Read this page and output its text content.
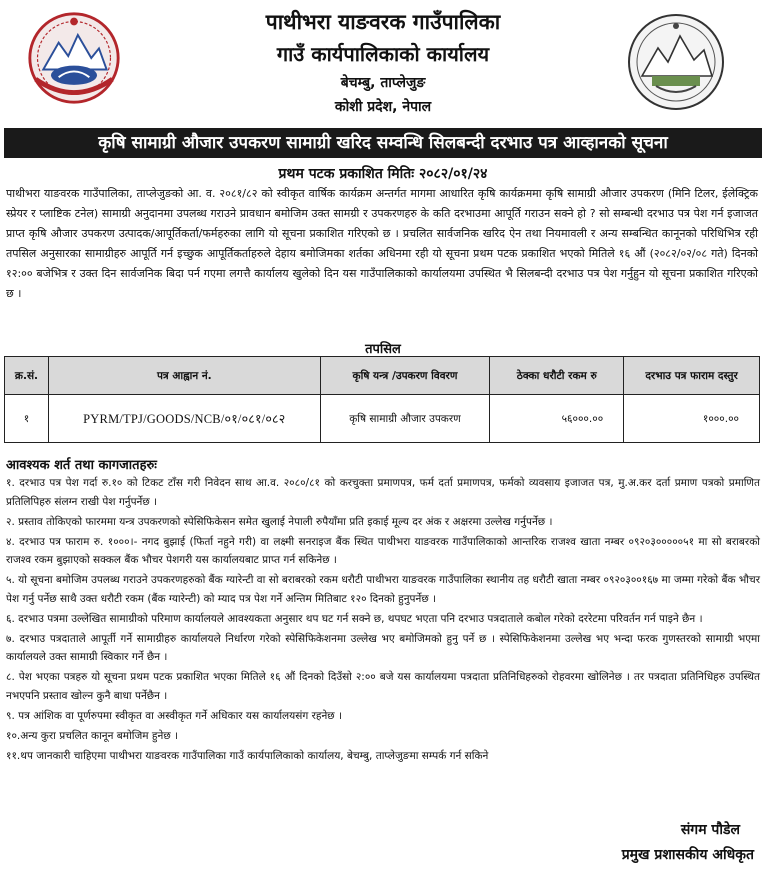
पाथीभरा याङवरक गाउँपालिका
गाउँ कार्यपालिकाको कार्यालय
बेचम्बु, ताप्लेजुङ
कोशी प्रदेश, नेपाल
कृषि सामाग्री औजार उपकरण सामाग्री खरिद सम्वन्धि सिलबन्दी दरभाउ पत्र आव्हानको सूचना
प्रथम पटक प्रकाशित मितिः २०८२/०१/२४

पाथीभरा याङवरक गाउँपालिका, ताप्लेजुङको आ. व. २०८१/८२ को स्वीकृत वार्षिक कार्यक्रम अन्तर्गत मागमा आधारित कृषि कार्यक्रममा कृषि सामाग्री औजार उपकरण (मिनि टिलर, ईलेक्ट्रिक स्प्रेयर र प्लाष्टिक टनेल) सामाग्री अनुदानमा उपलब्ध गराउने प्रावधान बमोजिम उक्त सामग्री र उपकरणहरु के कति दरभाउमा आपूर्ति गराउन सक्ने हो ? सो सम्बन्धी दरभाउ पत्र पेश गर्न इजाजत प्राप्त कृषि औजार उपकरण उत्पादक/आपूर्तिकर्ता/फर्महरुका लागि यो सूचना प्रकाशित गरिएको छ । प्रचलित सार्वजनिक खरिद ऐन तथा नियमावली र अन्य सम्बन्धित कानूनको परिधिभित्र रही तपसिल अनुसारका सामाग्रीहरु आपूर्ति गर्न इच्छुक आपूर्तिकर्ताहरुले देहाय बमोजिमका शर्तका अधिनमा रही यो सूचना प्रथम पटक प्रकाशित भएको मितिले १६ औं (२०८२/०२/०८ गते) दिनको १२:०० बजेभित्र र उक्त दिन सार्वजनिक बिदा पर्न गएमा लगत्तै कार्यालय खुलेको दिन यस गाउँपालिकाको कार्यालयमा उपस्थित भै सिलबन्दी दरभाउ पत्र पेश गर्नुहुन यो सूचना प्रकाशित गरिएको छ ।

तपसिल
क्र.सं.	पत्र आह्वान नं.	कृषि यन्त्र /उपकरण विवरण	ठेक्का धरौटी रकम रु	दरभाउ पत्र फाराम दस्तुर
१	PYRM/TPJ/GOODS/NCB/०१/०८१/०८२	कृषि सामाग्री औजार उपकरण	५६०००.००	१०००.००
आवश्यक शर्त तथा कागजातहरुः
१. दरभाउ पत्र पेश गर्दा रु.१० को टिकट टाँस गरी निवेदन साथ आ.व. २०८०/८१ को करचुक्ता प्रमाणपत्र, फर्म दर्ता प्रमाणपत्र, फर्मको व्यवसाय इजाजत पत्र, मु.अ.कर दर्ता प्रमाण पत्रको प्रमाणित प्रतिलिपिहरु संलग्न राखी पेश गर्नुपर्नेछ ।
२. प्रस्ताव तोकिएको फारममा यन्त्र उपकरणको स्पेसिफिकेसन समेत खुलाई नेपाली रुपैयाँमा प्रति इकाई मूल्य दर अंक र अक्षरमा उल्लेख गर्नुपर्नेछ ।
४. दरभाउ पत्र फाराम रु. १०००।- नगद बुझाई (फिर्ता नहुने गरी) वा लक्ष्मी सनराइज बैंक स्थित पाथीभरा याङवरक गाउँपालिकाको आन्तरिक राजश्व खाता नम्बर ०९२०३०००००५१ मा सो बराबरको राजश्व रकम बुझाएको सक्कल बैंक भौचर पेशगरी यस कार्यालयबाट प्राप्त गर्न सकिनेछ ।
५. यो सूचना बमोजिम उपलब्ध गराउने उपकरणहरुको बैंक ग्यारेन्टी वा सो बराबरको रकम धरौटी पाथीभरा याङवरक गाउँपालिका स्थानीय तह धरौटी खाता नम्बर ०९२०३००१६७ मा जम्मा गरेको बैंक भौचर पेश गर्नु पर्नेछ साथै उक्त धरौटी रकम (बैंक ग्यारेन्टी) को म्याद पत्र पेश गर्ने अन्तिम मितिबाट १२० दिनको हुनुपर्नेछ ।
६. दरभाउ पत्रमा उल्लेखित सामाग्रीको परिमाण कार्यालयले आवश्यकता अनुसार थप घट गर्न सक्ने छ, थपघट भएता पनि दरभाउ पत्रदाताले कबोल गरेको दररेटमा परिवर्तन गर्न पाइने छैन ।
७. दरभाउ पत्रदाताले आपूर्ती गर्ने सामाग्रीहरु कार्यालयले निर्धारण गरेको स्पेसिफिकेशनमा उल्लेख भए बमोजिमको हुनु पर्ने छ । स्पेसिफिकेशनमा उल्लेख भए भन्दा फरक गुणस्तरको सामाग्री भएमा कार्यालयले उक्त सामाग्री स्विकार गर्ने छैन ।
८. पेश भएका पत्रहरु यो सूचना प्रथम पटक प्रकाशित भएका मितिले १६ औं दिनको दिउँसो २:०० बजे यस कार्यालयमा पत्रदाता प्रतिनिधिहरुको रोहवरमा खोलिनेछ । तर पत्रदाता प्रतिनिधिहरु उपस्थित नभएपनि प्रस्ताव खोल्न कुनै बाधा पर्नेछैन ।
९. पत्र आंशिक वा पूर्णरुपमा स्वीकृत वा अस्वीकृत गर्ने अधिकार यस कार्यालयसंग रहनेछ ।
१०.अन्य कुरा प्रचलित कानून बमोजिम हुनेछ ।
११.थप जानकारी चाहिएमा पाथीभरा याङवरक गाउँपालिका गाउँ कार्यपालिकाको कार्यालय, बेचम्बु, ताप्लेजुङमा सम्पर्क गर्न सकिने
संगम पौडेल
प्रमुख प्रशासकीय अधिकृत
